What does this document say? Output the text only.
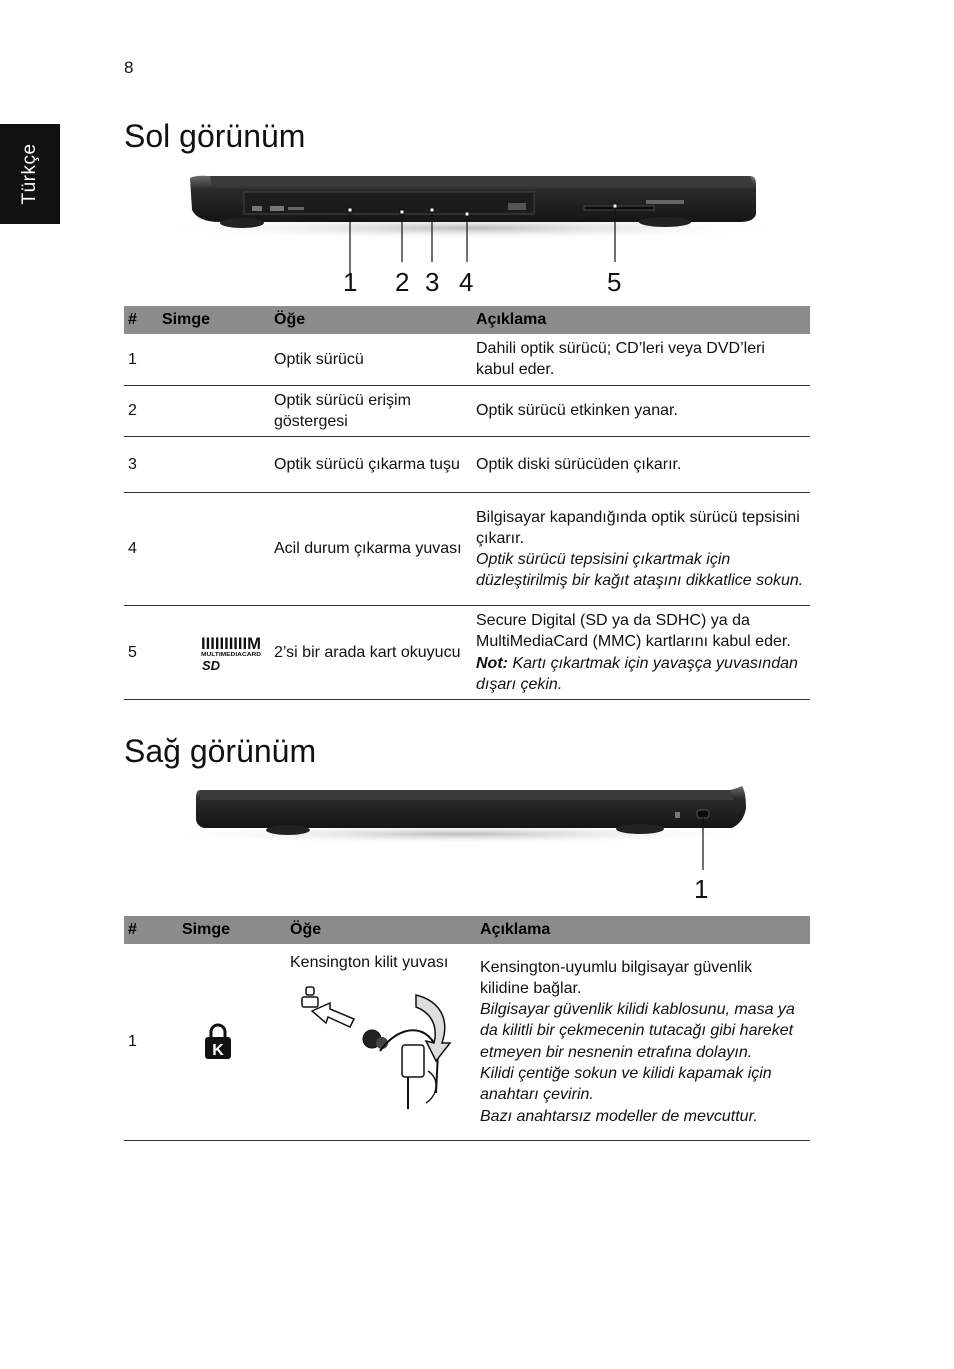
8
Türkçe
Sol görünüm
1 2 3 4	5
#	Simge	Öğe	Açıklama
1		Optik sürücü	Dahili optik sürücü; CD’leri veya DVD’leri kabul eder.
2		Optik sürücü erişim göstergesi	Optik sürücü etkinken yanar.
3		Optik sürücü çıkarma tuşu	Optik diski sürücüden çıkarır.
4		Acil durum çıkarma yuvası	Bilgisayar kapandığında optik sürücü tepsisini çıkarır.
Optik sürücü tepsisini çıkartmak için düzleştirilmiş bir kağıt ataşını dikkatlice sokun.

5	IIIIIIIIIIM
MULTIMEDIACARD
SD	2’si bir arada kart okuyucu	Secure Digital (SD ya da SDHC) ya da MultiMediaCard (MMC) kartlarını kabul eder.
Not: Kartı çıkartmak için yavaşça yuvasından dışarı çekin.
Sağ görünüm
1
#	Simge	Öğe	Açıklama
1	K	Kensington kilit yuvası	Kensington-uyumlu bilgisayar güvenlik kilidine bağlar.
Bilgisayar güvenlik kilidi kablosunu, masa ya da kilitli bir çekmecenin tutacağı gibi hareket etmeyen bir nesnenin etrafına dolayın.
Kilidi çentiğe sokun ve kilidi kapamak için anahtarı çevirin.
Bazı anahtarsız modeller de mevcuttur.
